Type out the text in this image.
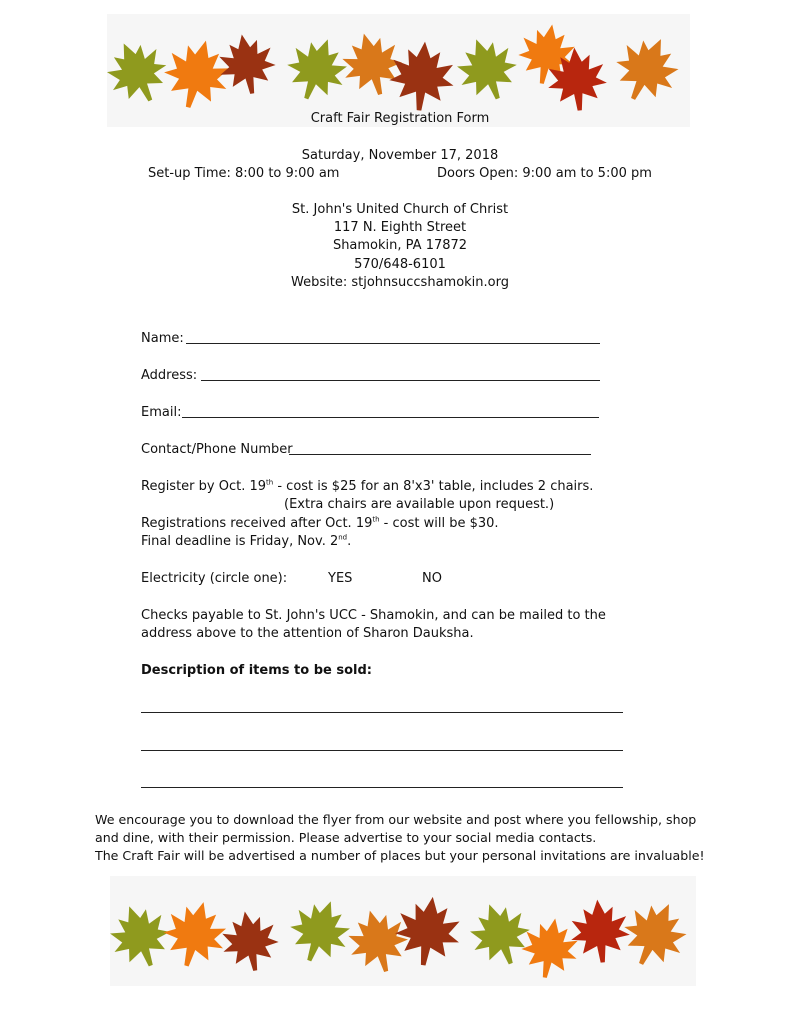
Craft Fair Registration Form
Saturday, November 17, 2018
Set-up Time: 8:00 to 9:00 am	Doors Open: 9:00 am to 5:00 pm
St. John's United Church of Christ
117 N. Eighth Street
Shamokin, PA 17872
570/648-6101
Website: stjohnsuccshamokin.org
Name:
Address:
Email:
Contact/Phone Number
Register by Oct. 19th - cost is $25 for an 8'x3' table, includes 2 chairs.
(Extra chairs are available upon request.)
Registrations received after Oct. 19th - cost will be $30.
Final deadline is Friday, Nov. 2nd.
Electricity (circle one):	YES	NO
Checks payable to St. John's UCC - Shamokin, and can be mailed to the
address above to the attention of Sharon Dauksha.
Description of items to be sold:
We encourage you to download the flyer from our website and post where you fellowship, shop
and dine, with their permission. Please advertise to your social media contacts.
The Craft Fair will be advertised a number of places but your personal invitations are invaluable!
